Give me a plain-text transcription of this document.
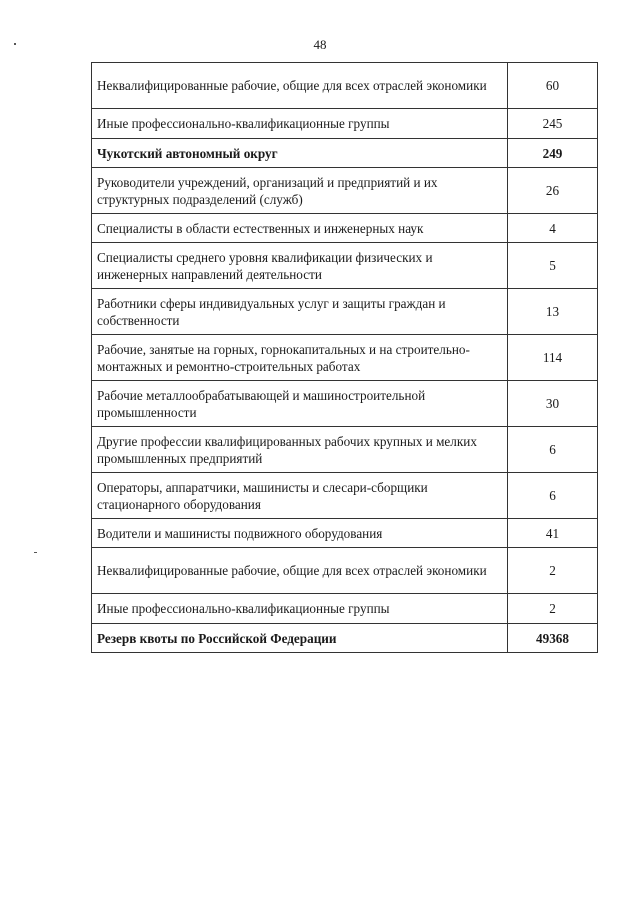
48
Неквалифицированные рабочие, общие для всех отраслей экономики	60
Иные профессионально-квалификационные группы	245
Чукотский автономный округ	249
Руководители учреждений, организаций и предприятий и их структурных подразделений (служб)	26
Специалисты в области естественных и инженерных наук	4
Специалисты среднего уровня квалификации физических и инженерных направлений деятельности	5
Работники сферы индивидуальных услуг и защиты граждан и собственности	13
Рабочие, занятые на горных, горнокапитальных и на строительно-монтажных и ремонтно-строительных работах	114
Рабочие металлообрабатывающей и машиностроительной промышленности	30
Другие профессии квалифицированных рабочих крупных и мелких промышленных предприятий	6
Операторы, аппаратчики, машинисты и слесари-сборщики стационарного оборудования	6
Водители и машинисты подвижного оборудования	41
Неквалифицированные рабочие, общие для всех отраслей экономики	2
Иные профессионально-квалификационные группы	2
Резерв квоты по Российской Федерации	49368
